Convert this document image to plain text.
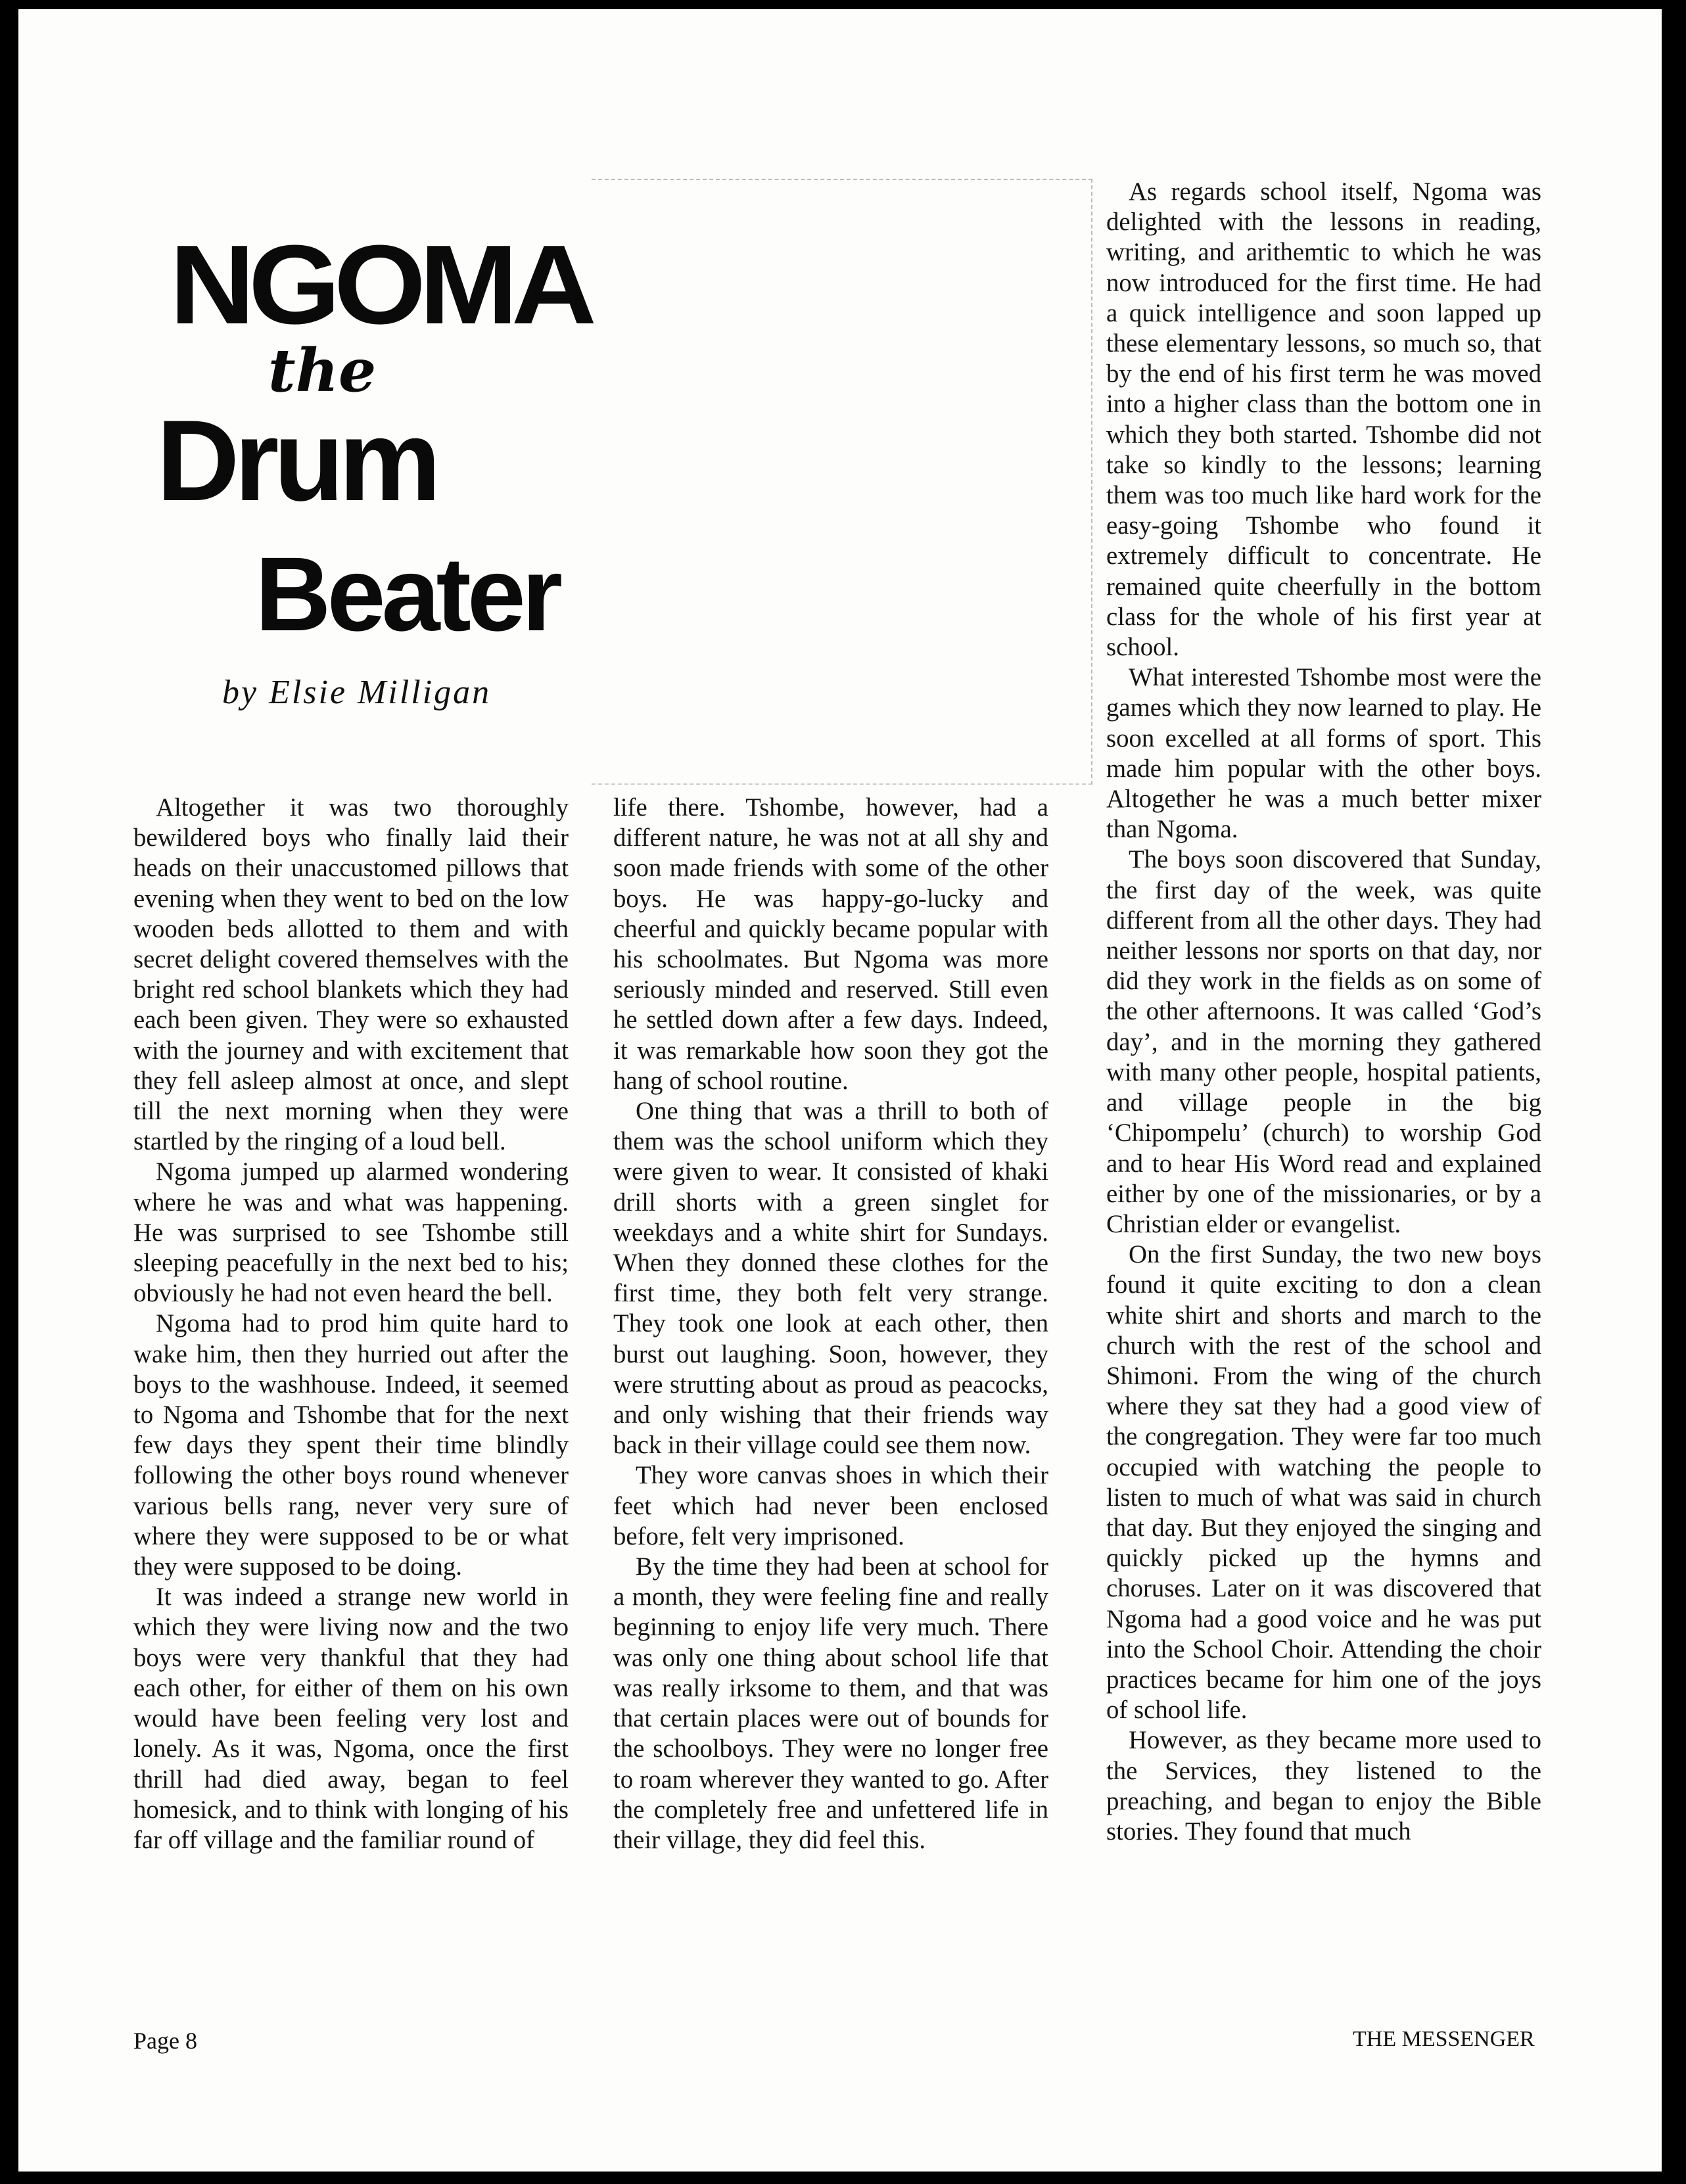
NGOMA
the
Drum
Beater
by Elsie Milligan

Altogether it was two thoroughly bewildered boys who finally laid their heads on their unaccustomed pillows that evening when they went to bed on the low wooden beds allotted to them and with secret delight covered themselves with the bright red school blankets which they had each been given. They were so exhausted with the journey and with excitement that they fell asleep almost at once, and slept till the next morning when they were startled by the ringing of a loud bell.

Ngoma jumped up alarmed wondering where he was and what was happening. He was surprised to see Tshombe still sleeping peacefully in the next bed to his; obviously he had not even heard the bell.

Ngoma had to prod him quite hard to wake him, then they hurried out after the boys to the washhouse. Indeed, it seemed to Ngoma and Tshombe that for the next few days they spent their time blindly following the other boys round whenever various bells rang, never very sure of where they were supposed to be or what they were supposed to be doing.

It was indeed a strange new world in which they were living now and the two boys were very thankful that they had each other, for either of them on his own would have been feeling very lost and lonely. As it was, Ngoma, once the first thrill had died away, began to feel homesick, and to think with longing of his far off village and the familiar round of

life there. Tshombe, however, had a different nature, he was not at all shy and soon made friends with some of the other boys. He was happy-go-lucky and cheerful and quickly became popular with his schoolmates. But Ngoma was more seriously minded and reserved. Still even he settled down after a few days. Indeed, it was remarkable how soon they got the hang of school routine.

One thing that was a thrill to both of them was the school uniform which they were given to wear. It consisted of khaki drill shorts with a green singlet for weekdays and a white shirt for Sundays. When they donned these clothes for the first time, they both felt very strange. They took one look at each other, then burst out laughing. Soon, however, they were strutting about as proud as peacocks, and only wishing that their friends way back in their village could see them now.

They wore canvas shoes in which their feet which had never been enclosed before, felt very imprisoned.

By the time they had been at school for a month, they were feeling fine and really beginning to enjoy life very much. There was only one thing about school life that was really irksome to them, and that was that certain places were out of bounds for the schoolboys. They were no longer free to roam wherever they wanted to go. After the completely free and unfettered life in their village, they did feel this.

As regards school itself, Ngoma was delighted with the lessons in reading, writing, and arithemtic to which he was now introduced for the first time. He had a quick intelligence and soon lapped up these elementary lessons, so much so, that by the end of his first term he was moved into a higher class than the bottom one in which they both started. Tshombe did not take so kindly to the lessons; learning them was too much like hard work for the easy-going Tshombe who found it extremely difficult to concentrate. He remained quite cheerfully in the bottom class for the whole of his first year at school.

What interested Tshombe most were the games which they now learned to play. He soon excelled at all forms of sport. This made him popular with the other boys. Altogether he was a much better mixer than Ngoma.

The boys soon discovered that Sunday, the first day of the week, was quite different from all the other days. They had neither lessons nor sports on that day, nor did they work in the fields as on some of the other afternoons. It was called ‘God’s day’, and in the morning they gathered with many other people, hospital patients, and village people in the big ‘Chipompelu’ (church) to worship God and to hear His Word read and explained either by one of the missionaries, or by a Christian elder or evangelist.

On the first Sunday, the two new boys found it quite exciting to don a clean white shirt and shorts and march to the church with the rest of the school and Shimoni. From the wing of the church where they sat they had a good view of the congregation. They were far too much occupied with watching the people to listen to much of what was said in church that day. But they enjoyed the singing and quickly picked up the hymns and choruses. Later on it was discovered that Ngoma had a good voice and he was put into the School Choir. Attending the choir practices became for him one of the joys of school life.

However, as they became more used to the Services, they listened to the preaching, and began to enjoy the Bible stories. They found that much

Page 8	THE MESSENGER
